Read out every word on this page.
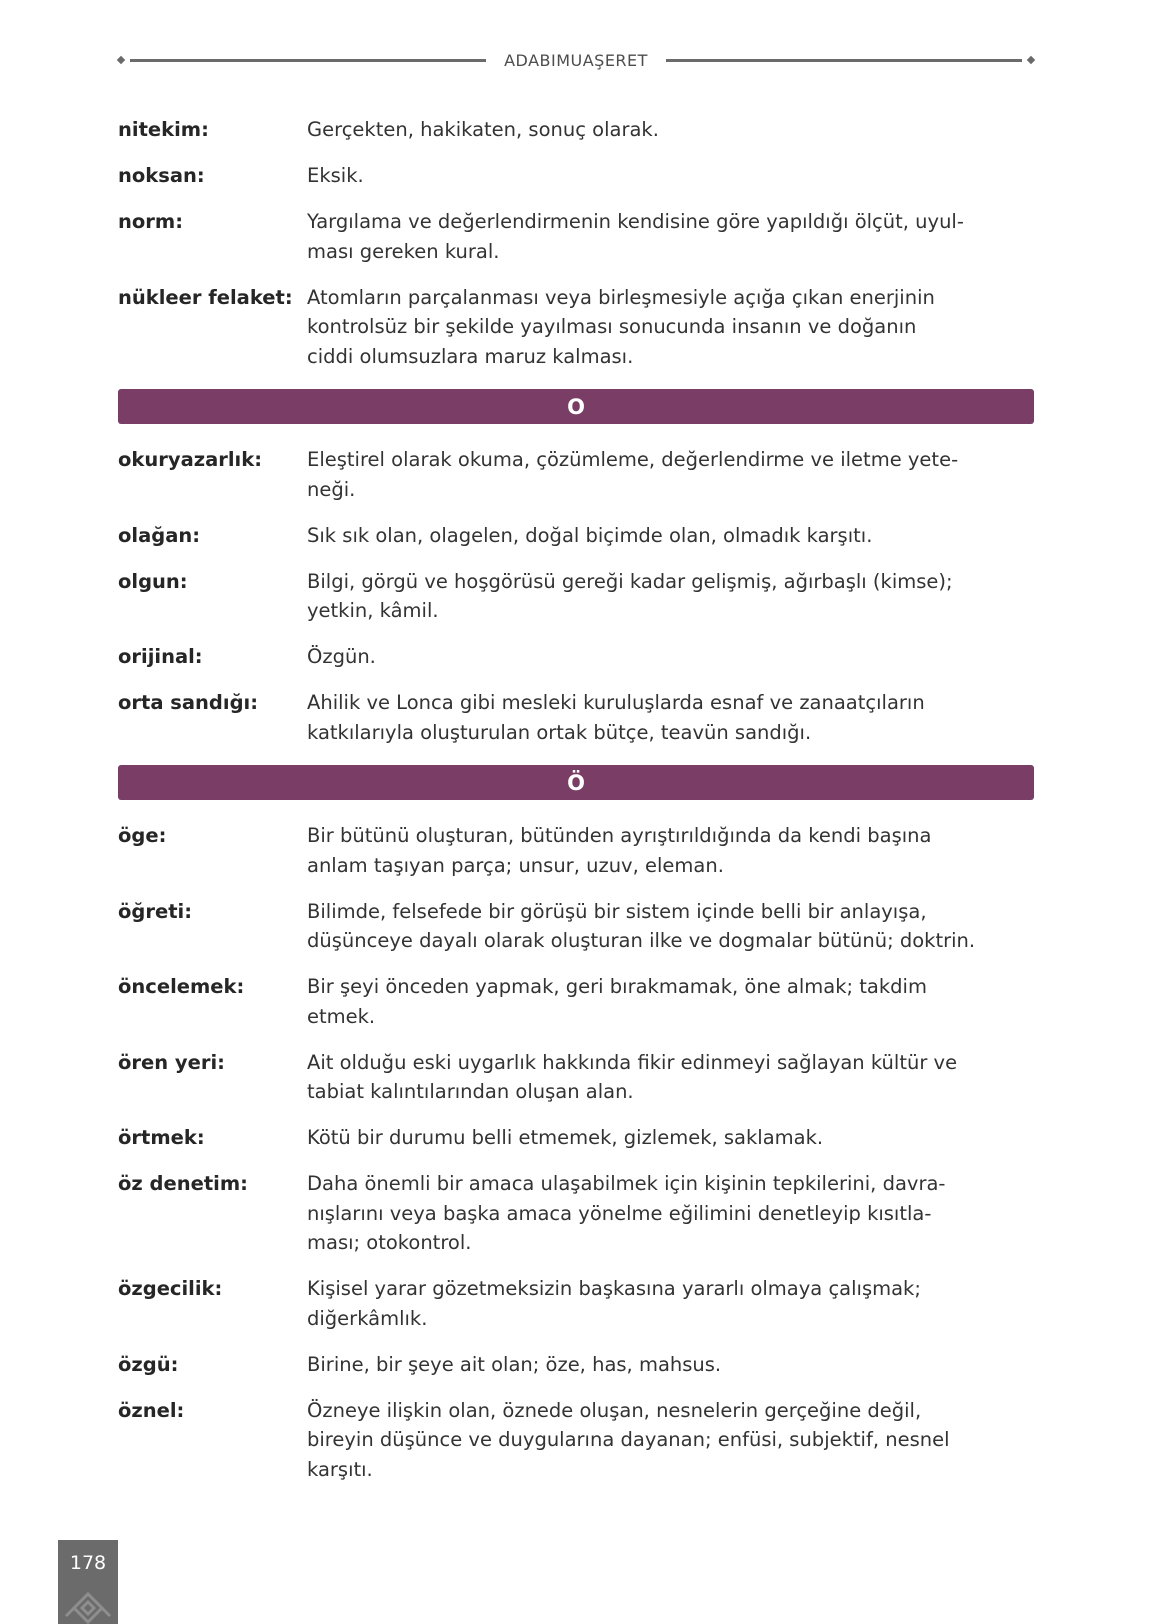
ADABIMUAŞERET
nitekim:	Gerçekten, hakikaten, sonuç olarak.
noksan:	Eksik.
norm:	Yargılama ve değerlendirmenin kendisine göre yapıldığı ölçüt, uyul-
ması gereken kural.
nükleer felaket: Atomların parçalanması veya birleşmesiyle açığa çıkan enerjinin
kontrolsüz bir şekilde yayılması sonucunda insanın ve doğanın
ciddi olumsuzlara maruz kalması.
O
okuryazarlık:	Eleştirel olarak okuma, çözümleme, değerlendirme ve iletme yete-
neği.
olağan:	Sık sık olan, olagelen, doğal biçimde olan, olmadık karşıtı.
olgun:	Bilgi, görgü ve hoşgörüsü gereği kadar gelişmiş, ağırbaşlı (kimse);
yetkin, kâmil.
orijinal:	Özgün.
orta sandığı:	Ahilik ve Lonca gibi mesleki kuruluşlarda esnaf ve zanaatçıların
katkılarıyla oluşturulan ortak bütçe, teavün sandığı.
Ö
öge:	Bir bütünü oluşturan, bütünden ayrıştırıldığında da kendi başına
anlam taşıyan parça; unsur, uzuv, eleman.
öğreti:	Bilimde, felsefede bir görüşü bir sistem içinde belli bir anlayışa,
düşünceye dayalı olarak oluşturan ilke ve dogmalar bütünü; doktrin.
öncelemek:	Bir şeyi önceden yapmak, geri bırakmamak, öne almak; takdim
etmek.
ören yeri:	Ait olduğu eski uygarlık hakkında fikir edinmeyi sağlayan kültür ve
tabiat kalıntılarından oluşan alan.
örtmek:	Kötü bir durumu belli etmemek, gizlemek, saklamak.
öz denetim:	Daha önemli bir amaca ulaşabilmek için kişinin tepkilerini, davra-
nışlarını veya başka amaca yönelme eğilimini denetleyip kısıtla-
ması; otokontrol.
özgecilik:	Kişisel yarar gözetmeksizin başkasına yararlı olmaya çalışmak;
diğerkâmlık.
özgü:	Birine, bir şeye ait olan; öze, has, mahsus.
öznel:	Özneye ilişkin olan, öznede oluşan, nesnelerin gerçeğine değil,
bireyin düşünce ve duygularına dayanan; enfüsi, subjektif, nesnel
karşıtı.
178
